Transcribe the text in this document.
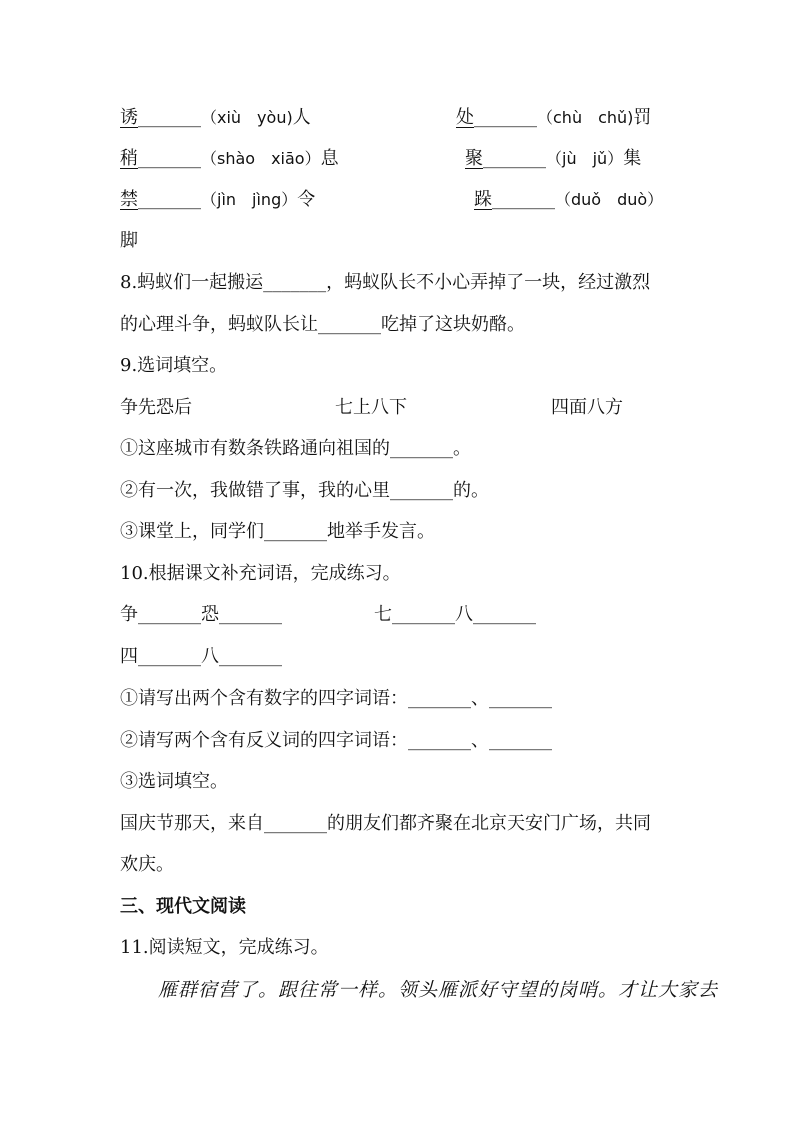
诱_______（xiù　yòu)人	处_______（chù　chǔ)罚
稍_______（shào　xiāo）息	聚_______（jù　jǔ）集
禁_______（jìn　jìng）令	跺_______（duǒ　duò）
脚
8.蚂蚁们一起搬运_______，蚂蚁队长不小心弄掉了一块，经过激烈
的心理斗争，蚂蚁队长让_______吃掉了这块奶酪。
9.选词填空。
争先恐后	七上八下	四面八方
①这座城市有数条铁路通向祖国的_______。
②有一次，我做错了事，我的心里_______的。
③课堂上，同学们_______地举手发言。
10.根据课文补充词语，完成练习。
争_______恐_______	七_______八_______
四_______八_______
①请写出两个含有数字的四字词语：_______、_______
②请写两个含有反义词的四字词语：_______、_______
③选词填空。
国庆节那天，来自_______的朋友们都齐聚在北京天安门广场，共同
欢庆。
三、现代文阅读
11.阅读短文，完成练习。
雁群宿营了。跟往常一样。领头雁派好守望的岗哨。才让大家去
